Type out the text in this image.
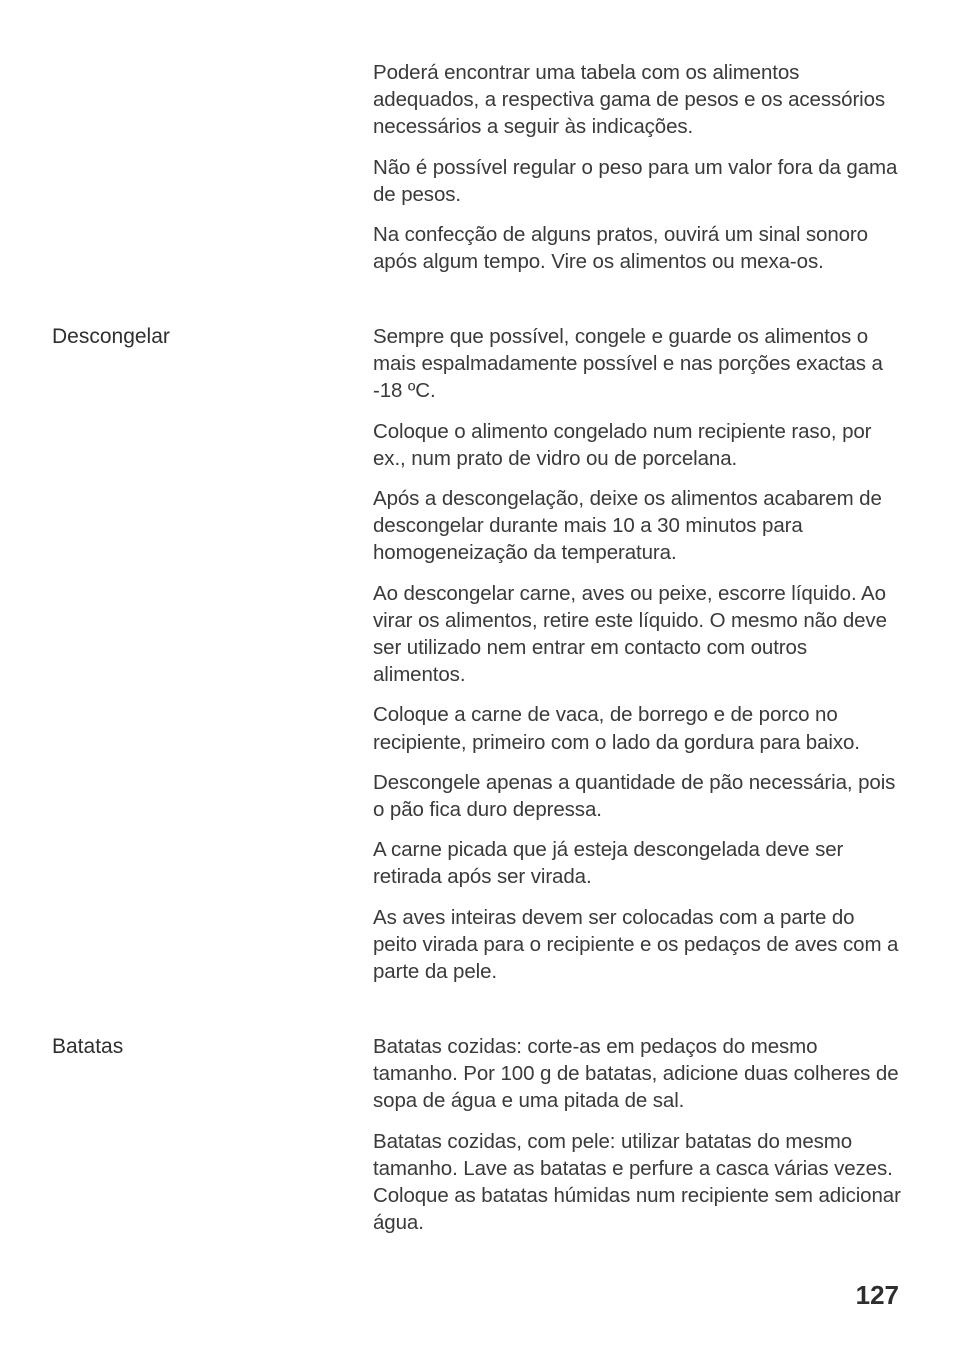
Poderá encontrar uma tabela com os alimentos adequados, a respectiva gama de pesos e os acessórios necessários a seguir às indicações.

Não é possível regular o peso para um valor fora da gama de pesos.

Na confecção de alguns pratos, ouvirá um sinal sonoro após algum tempo. Vire os alimentos ou mexa-os.

Descongelar	Sempre que possível, congele e guarde os alimentos o mais espalmadamente possível e nas porções exactas a -18 ºC.

Coloque o alimento congelado num recipiente raso, por ex., num prato de vidro ou de porcelana.

Após a descongelação, deixe os alimentos acabarem de descongelar durante mais 10 a 30 minutos para homogeneização da temperatura.

Ao descongelar carne, aves ou peixe, escorre líquido. Ao virar os alimentos, retire este líquido. O mesmo não deve ser utilizado nem entrar em contacto com outros alimentos.

Coloque a carne de vaca, de borrego e de porco no recipiente, primeiro com o lado da gordura para baixo.

Descongele apenas a quantidade de pão necessária, pois o pão fica duro depressa.

A carne picada que já esteja descongelada deve ser retirada após ser virada.

As aves inteiras devem ser colocadas com a parte do peito virada para o recipiente e os pedaços de aves com a parte da pele.

Batatas	Batatas cozidas: corte-as em pedaços do mesmo tamanho. Por 100 g de batatas, adicione duas colheres de sopa de água e uma pitada de sal.

Batatas cozidas, com pele: utilizar batatas do mesmo tamanho. Lave as batatas e perfure a casca várias vezes. Coloque as batatas húmidas num recipiente sem adicionar água.

127
